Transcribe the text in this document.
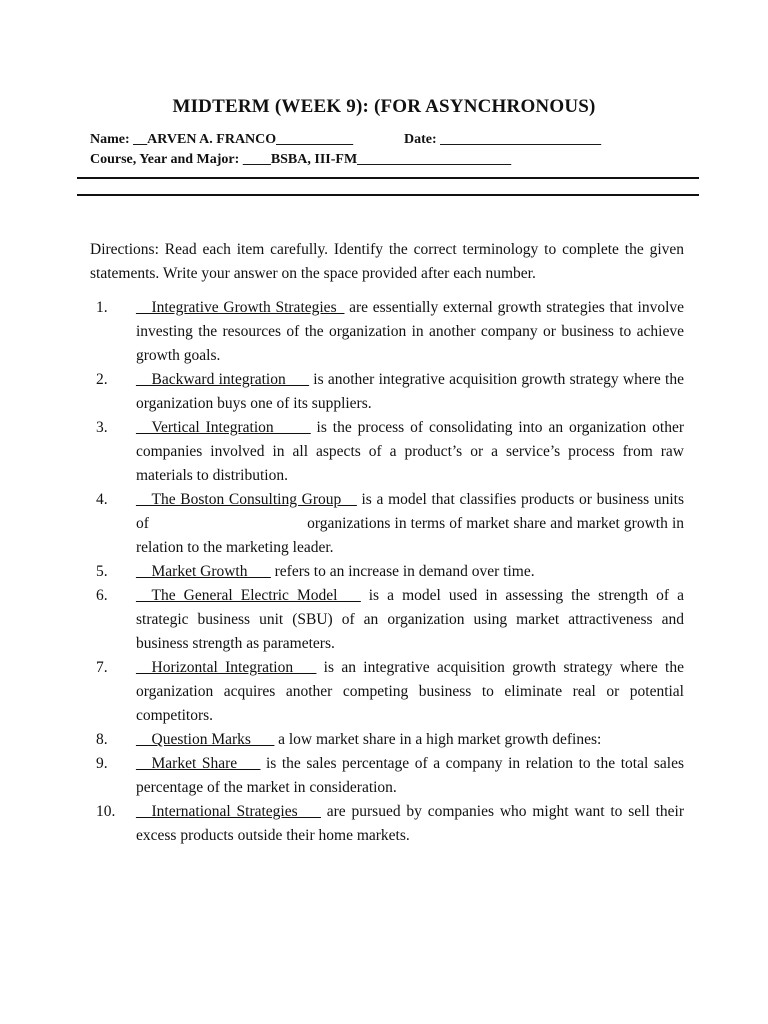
MIDTERM (WEEK 9): (FOR ASYNCHRONOUS)
Name: __ARVEN A. FRANCO___________	Date: _______________________
Course, Year and Major: ____BSBA, III-FM______________________
Directions: Read each item carefully. Identify the correct terminology to complete the given statements. Write your answer on the space provided after each number.
1.	__Integrative Growth Strategies_ are essentially external growth strategies that involve investing the resources of the organization in another company or business to achieve growth goals.
2.	__Backward integration___ is another integrative acquisition growth strategy where the organization buys one of its suppliers.
3.	__Vertical Integration ____ is the process of consolidating into an organization other companies involved in all aspects of a product’s or a service’s process from raw materials to distribution.
4.	__The Boston Consulting Group__ is a model that classifies products or business units of	organizations in terms of market share and market growth in relation to the marketing leader.
5.	__Market Growth___ refers to an increase in demand over time.
6.	__The General Electric Model___ is a model used in assessing the strength of a strategic business unit (SBU) of an organization using market attractiveness and business strength as parameters.
7.	__Horizontal Integration___ is an integrative acquisition growth strategy where the organization acquires another competing business to eliminate real or potential competitors.
8.	__Question Marks___ a low market share in a high market growth defines:
9.	__Market Share___ is the sales percentage of a company in relation to the total sales percentage of the market in consideration.
10.	__International Strategies___ are pursued by companies who might want to sell their excess products outside their home markets.
